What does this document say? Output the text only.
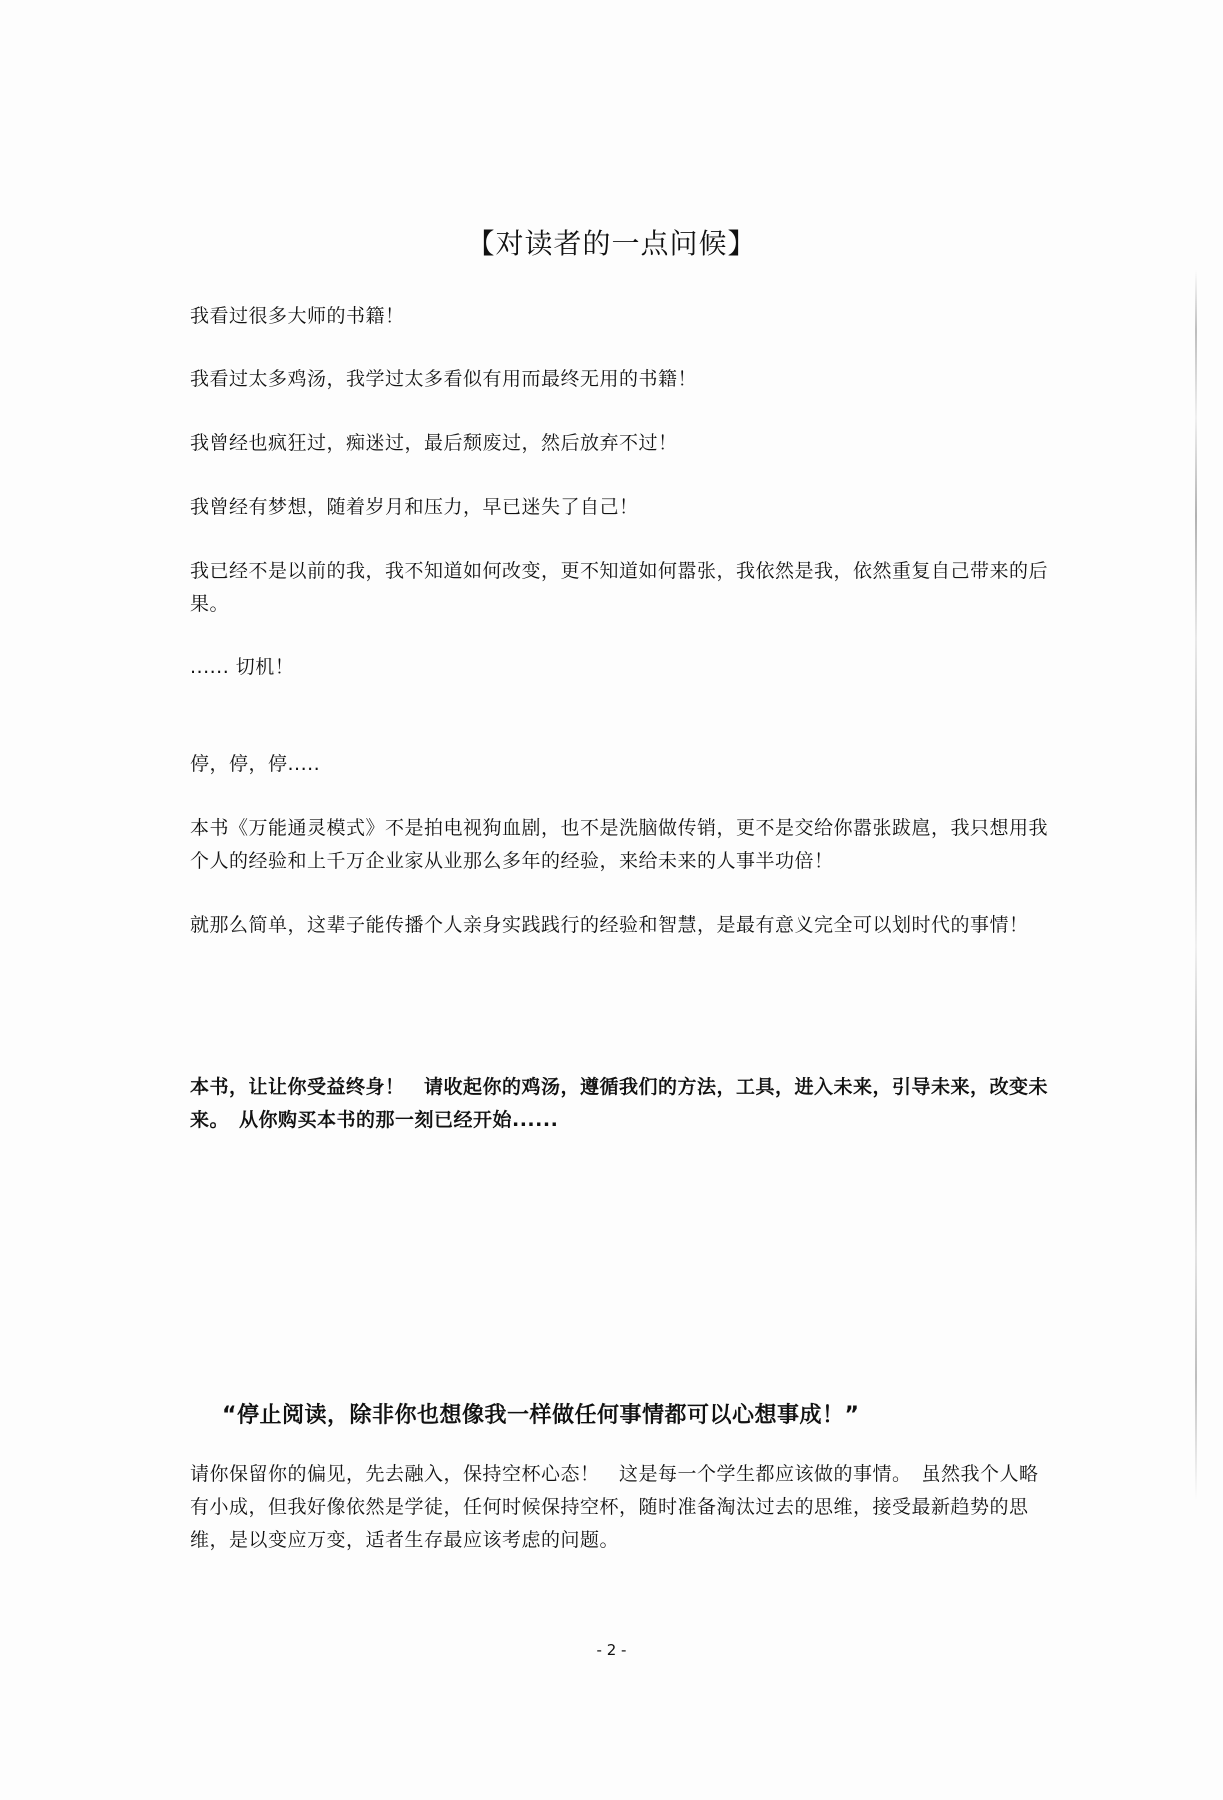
【对读者的一点问候】

我看过很多大师的书籍！

我看过太多鸡汤，我学过太多看似有用而最终无用的书籍！

我曾经也疯狂过，痴迷过，最后颓废过，然后放弃不过！

我曾经有梦想，随着岁月和压力，早已迷失了自己！

我已经不是以前的我，我不知道如何改变，更不知道如何嚣张，我依然是我，依然重复自己带来的后果。

...... 切机！

停，停，停.....

本书《万能通灵模式》不是拍电视狗血剧，也不是洗脑做传销，更不是交给你嚣张跋扈，我只想用我个人的经验和上千万企业家从业那么多年的经验，来给未来的人事半功倍！

就那么简单，这辈子能传播个人亲身实践践行的经验和智慧，是最有意义完全可以划时代的事情！

本书，让让你受益终身！　请收起你的鸡汤，遵循我们的方法，工具，进入未来，引导未来，改变未来。　从你购买本书的那一刻已经开始......

“停止阅读，除非你也想像我一样做任何事情都可以心想事成！”

请你保留你的偏见，先去融入，保持空杯心态！　这是每一个学生都应该做的事情。　虽然我个人略有小成，但我好像依然是学徒，任何时候保持空杯，随时准备淘汰过去的思维，接受最新趋势的思维，是以变应万变，适者生存最应该考虑的问题。

- 2 -
